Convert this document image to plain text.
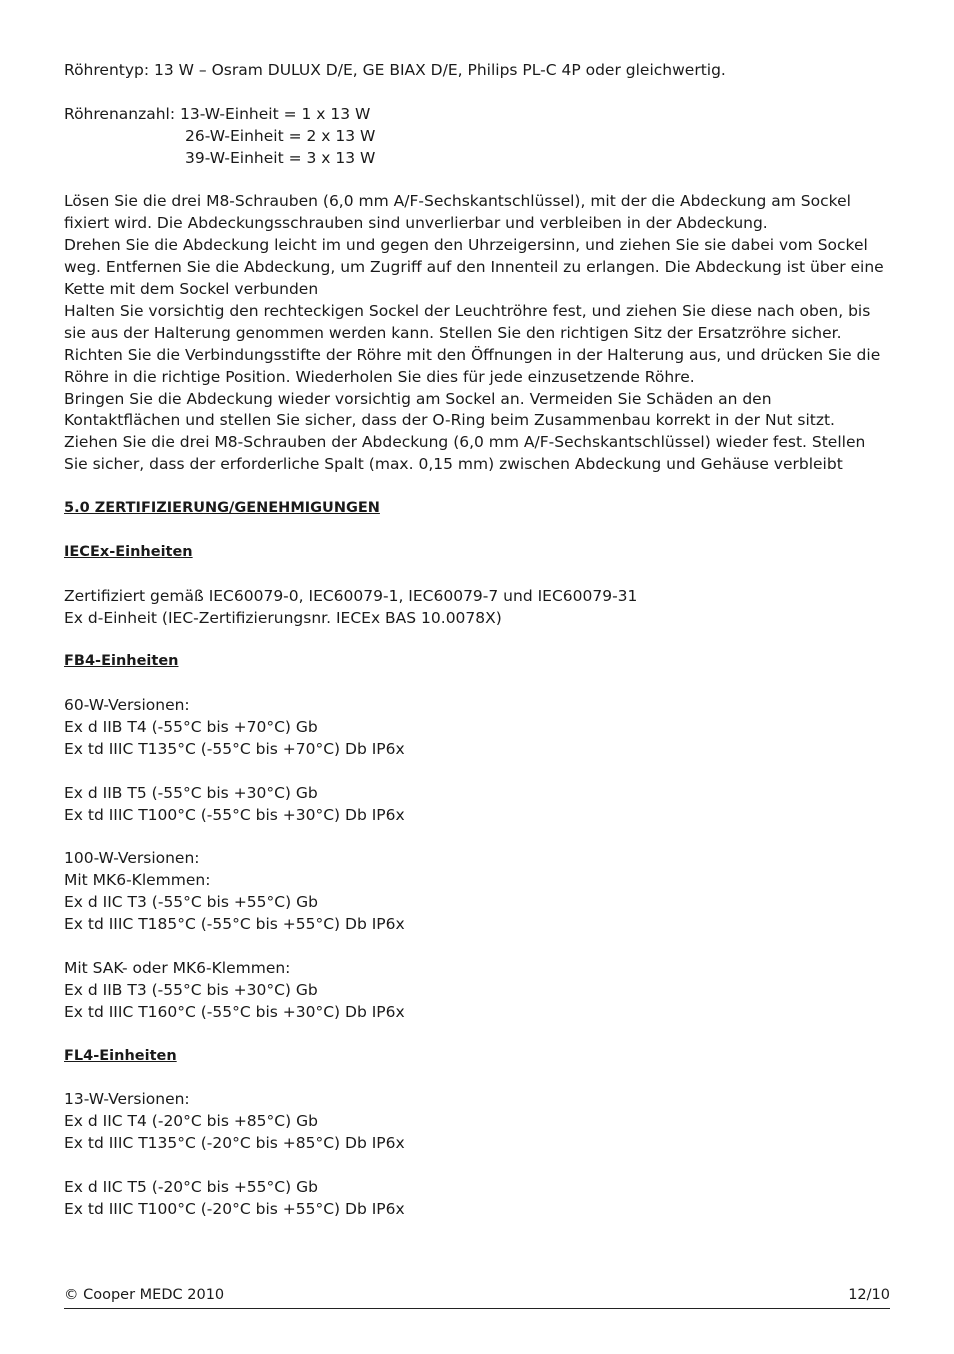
Röhrentyp: 13 W – Osram DULUX D/E, GE BIAX D/E, Philips PL-C 4P oder gleichwertig.
Röhrenanzahl: 13-W-Einheit = 1 x 13 W
26-W-Einheit = 2 x 13 W
39-W-Einheit = 3 x 13 W
Lösen Sie die drei M8-Schrauben (6,0 mm A/F-Sechskantschlüssel), mit der die Abdeckung am Sockel fixiert wird. Die Abdeckungsschrauben sind unverlierbar und verbleiben in der Abdeckung.
Drehen Sie die Abdeckung leicht im und gegen den Uhrzeigersinn, und ziehen Sie sie dabei vom Sockel weg. Entfernen Sie die Abdeckung, um Zugriff auf den Innenteil zu erlangen. Die Abdeckung ist über eine Kette mit dem Sockel verbunden
Halten Sie vorsichtig den rechteckigen Sockel der Leuchtröhre fest, und ziehen Sie diese nach oben, bis sie aus der Halterung genommen werden kann. Stellen Sie den richtigen Sitz der Ersatzröhre sicher. Richten Sie die Verbindungsstifte der Röhre mit den Öffnungen in der Halterung aus, und drücken Sie die Röhre in die richtige Position. Wiederholen Sie dies für jede einzusetzende Röhre.
Bringen Sie die Abdeckung wieder vorsichtig am Sockel an. Vermeiden Sie Schäden an den Kontaktflächen und stellen Sie sicher, dass der O-Ring beim Zusammenbau korrekt in der Nut sitzt. Ziehen Sie die drei M8-Schrauben der Abdeckung (6,0 mm A/F-Sechskantschlüssel) wieder fest. Stellen Sie sicher, dass der erforderliche Spalt (max. 0,15 mm) zwischen Abdeckung und Gehäuse verbleibt
5.0 ZERTIFIZIERUNG/GENEHMIGUNGEN
IECEx-Einheiten
Zertifiziert gemäß IEC60079-0, IEC60079-1, IEC60079-7 und IEC60079-31
Ex d-Einheit (IEC-Zertifizierungsnr. IECEx BAS 10.0078X)
FB4-Einheiten
60-W-Versionen:
Ex d IIB T4 (-55°C bis +70°C) Gb
Ex td IIIC T135°C (-55°C bis +70°C) Db IP6x
Ex d IIB T5 (-55°C bis +30°C) Gb
Ex td IIIC T100°C (-55°C bis +30°C) Db IP6x
100-W-Versionen:
Mit MK6-Klemmen:
Ex d IIC T3 (-55°C bis +55°C) Gb
Ex td IIIC T185°C (-55°C bis +55°C) Db IP6x
Mit SAK- oder MK6-Klemmen:
Ex d IIB T3 (-55°C bis +30°C) Gb
Ex td IIIC T160°C (-55°C bis +30°C) Db IP6x
FL4-Einheiten
13-W-Versionen:
Ex d IIC T4 (-20°C bis +85°C) Gb
Ex td IIIC T135°C (-20°C bis +85°C) Db IP6x
Ex d IIC T5 (-20°C bis +55°C) Gb
Ex td IIIC T100°C (-20°C bis +55°C) Db IP6x
© Cooper MEDC 2010	12/10
